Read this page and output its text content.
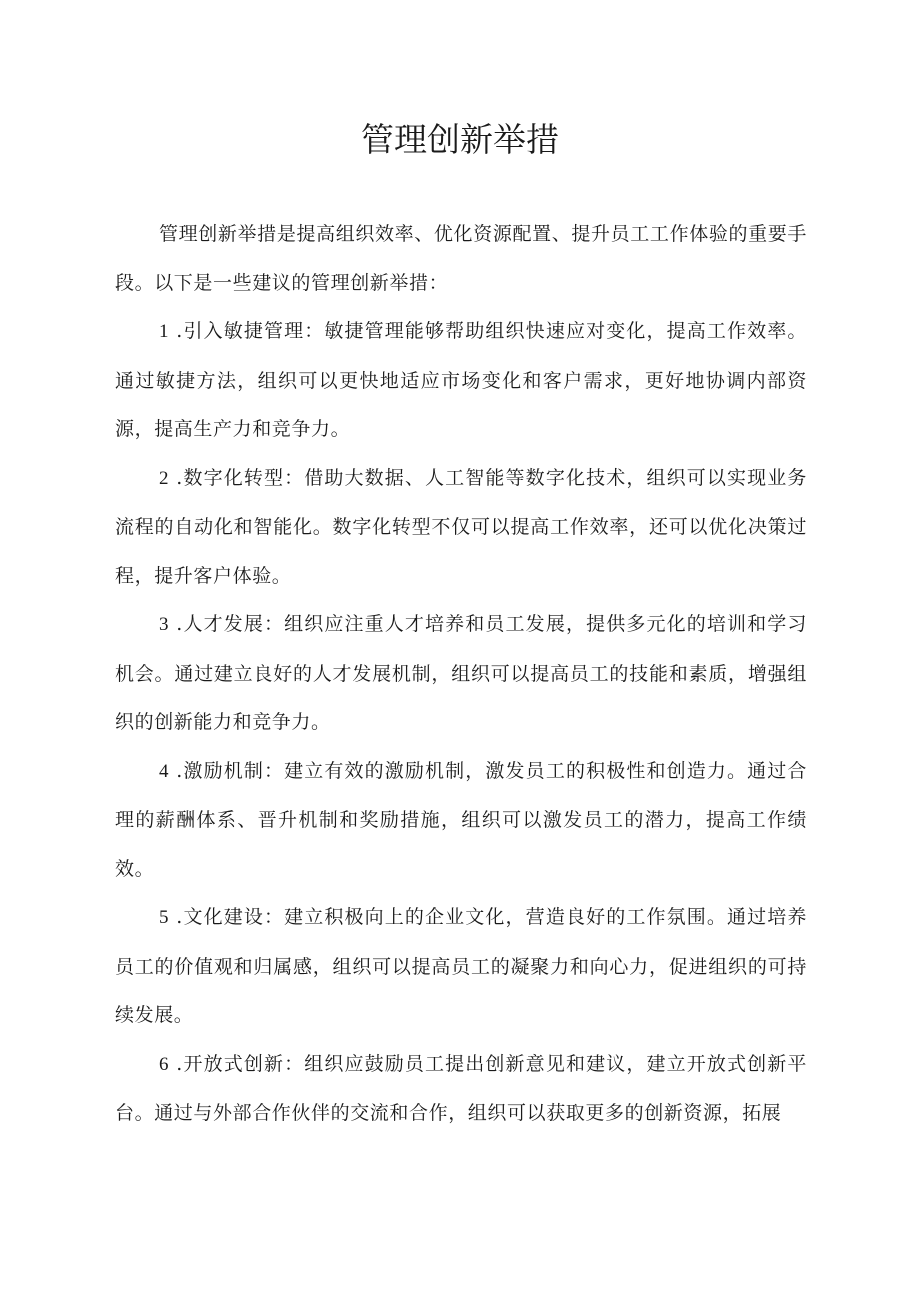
管理创新举措

管理创新举措是提高组织效率、优化资源配置、提升员工工作体验的重要手段。以下是一些建议的管理创新举措：

1 .引入敏捷管理：敏捷管理能够帮助组织快速应对变化，提高工作效率。通过敏捷方法，组织可以更快地适应市场变化和客户需求，更好地协调内部资源，提高生产力和竞争力。

2 .数字化转型：借助大数据、人工智能等数字化技术，组织可以实现业务流程的自动化和智能化。数字化转型不仅可以提高工作效率，还可以优化决策过程，提升客户体验。

3 .人才发展：组织应注重人才培养和员工发展，提供多元化的培训和学习机会。通过建立良好的人才发展机制，组织可以提高员工的技能和素质，增强组织的创新能力和竞争力。

4 .激励机制：建立有效的激励机制，激发员工的积极性和创造力。通过合理的薪酬体系、晋升机制和奖励措施，组织可以激发员工的潜力，提高工作绩效。

5 .文化建设：建立积极向上的企业文化，营造良好的工作氛围。通过培养员工的价值观和归属感，组织可以提高员工的凝聚力和向心力，促进组织的可持续发展。

6 .开放式创新：组织应鼓励员工提出创新意见和建议，建立开放式创新平台。通过与外部合作伙伴的交流和合作，组织可以获取更多的创新资源，拓展
